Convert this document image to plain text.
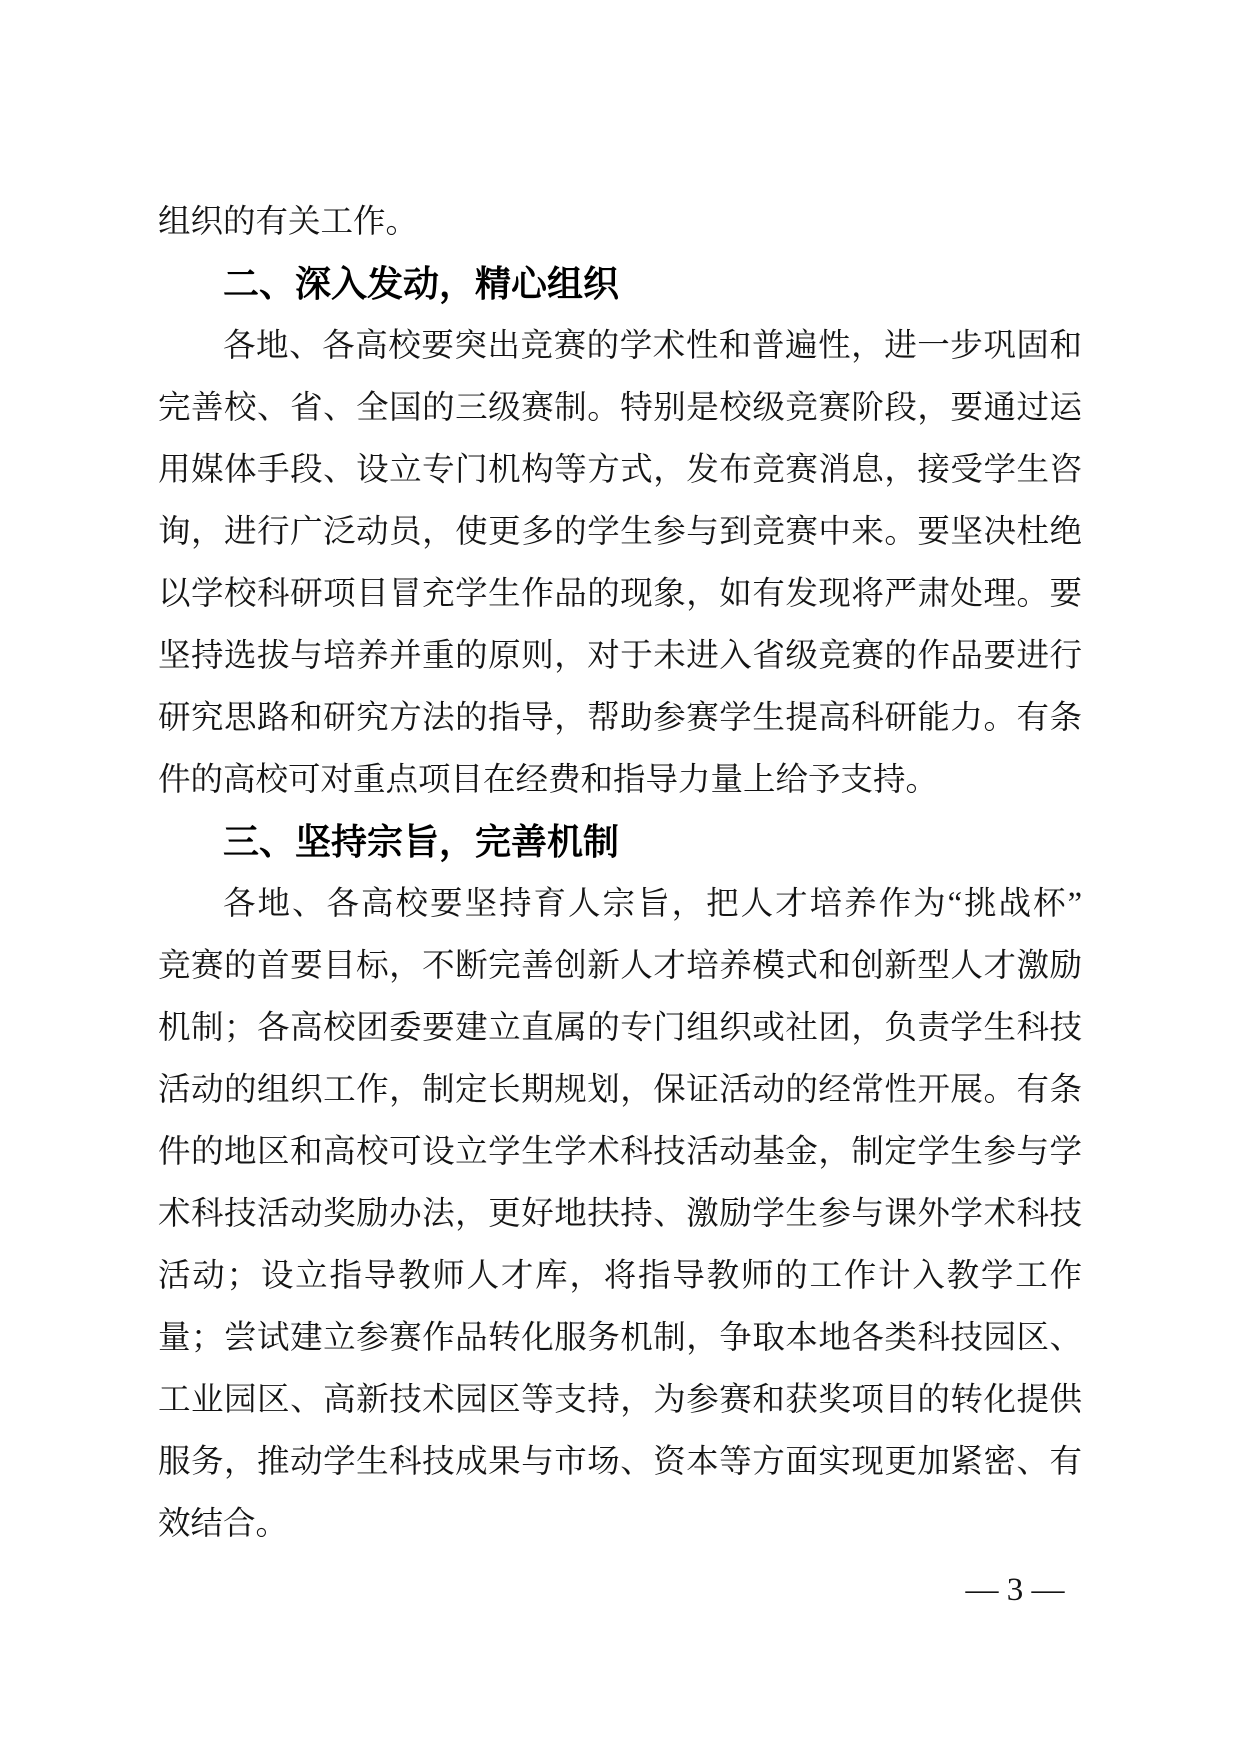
组织的有关工作。
二、深入发动，精心组织
各地、各高校要突出竞赛的学术性和普遍性，进一步巩固和
完善校、省、全国的三级赛制。特别是校级竞赛阶段，要通过运
用媒体手段、设立专门机构等方式，发布竞赛消息，接受学生咨
询，进行广泛动员，使更多的学生参与到竞赛中来。要坚决杜绝
以学校科研项目冒充学生作品的现象，如有发现将严肃处理。要
坚持选拔与培养并重的原则，对于未进入省级竞赛的作品要进行
研究思路和研究方法的指导，帮助参赛学生提高科研能力。有条
件的高校可对重点项目在经费和指导力量上给予支持。
三、坚持宗旨，完善机制
各地、各高校要坚持育人宗旨，把人才培养作为“挑战杯”
竞赛的首要目标，不断完善创新人才培养模式和创新型人才激励
机制；各高校团委要建立直属的专门组织或社团，负责学生科技
活动的组织工作，制定长期规划，保证活动的经常性开展。有条
件的地区和高校可设立学生学术科技活动基金，制定学生参与学
术科技活动奖励办法，更好地扶持、激励学生参与课外学术科技
活动；设立指导教师人才库，将指导教师的工作计入教学工作
量；尝试建立参赛作品转化服务机制，争取本地各类科技园区、
工业园区、高新技术园区等支持，为参赛和获奖项目的转化提供
服务，推动学生科技成果与市场、资本等方面实现更加紧密、有
效结合。
— 3 —
